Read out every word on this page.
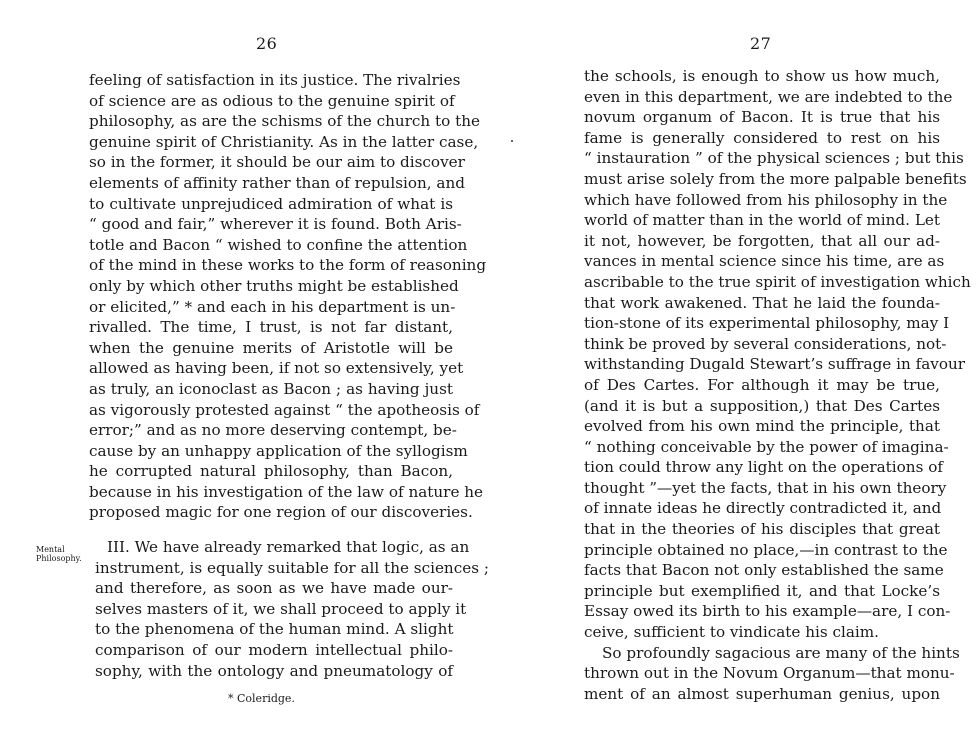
26
feeling of satisfaction in its justice. The rivalries
of science are as odious to the genuine spirit of
philosophy, as are the schisms of the church to the
genuine spirit of Christianity. As in the latter case,
so in the former, it should be our aim to discover
elements of affinity rather than of repulsion, and
to cultivate unprejudiced admiration of what is
“ good and fair,” wherever it is found. Both Aris-
totle and Bacon “ wished to confine the attention
of the mind in these works to the form of reasoning
only by which other truths might be established
or elicited,” * and each in his department is un-
rivalled. The time, I trust, is not far distant,
when the genuine merits of Aristotle will be
allowed as having been, if not so extensively, yet
as truly, an iconoclast as Bacon ; as having just
as vigorously protested against “ the apotheosis of
error;” and as no more deserving contempt, be-
cause by an unhappy application of the syllogism
he corrupted natural philosophy, than Bacon,
because in his investigation of the law of nature he
proposed magic for one region of our discoveries.
III. We have already remarked that logic, as an
instrument, is equally suitable for all the sciences ;
and therefore, as soon as we have made our-
selves masters of it, we shall proceed to apply it
to the phenomena of the human mind. A slight
comparison of our modern intellectual philo-
sophy, with the ontology and pneumatology of
Mental
Philosophy.
* Coleridge.
27
the schools, is enough to show us how much,
even in this department, we are indebted to the
novum organum of Bacon. It is true that his
fame is generally considered to rest on his
“ instauration ” of the physical sciences ; but this
must arise solely from the more palpable benefits
which have followed from his philosophy in the
world of matter than in the world of mind. Let
it not, however, be forgotten, that all our ad-
vances in mental science since his time, are as
ascribable to the true spirit of investigation which
that work awakened. That he laid the founda-
tion-stone of its experimental philosophy, may I
think be proved by several considerations, not-
withstanding Dugald Stewart’s suffrage in favour
of Des Cartes. For although it may be true,
(and it is but a supposition,) that Des Cartes
evolved from his own mind the principle, that
“ nothing conceivable by the power of imagina-
tion could throw any light on the operations of
thought ”—yet the facts, that in his own theory
of innate ideas he directly contradicted it, and
that in the theories of his disciples that great
principle obtained no place,—in contrast to the
facts that Bacon not only established the same
principle but exemplified it, and that Locke’s
Essay owed its birth to his example—are, I con-
ceive, sufficient to vindicate his claim.
So profoundly sagacious are many of the hints
thrown out in the Novum Organum—that monu-
ment of an almost superhuman genius, upon
